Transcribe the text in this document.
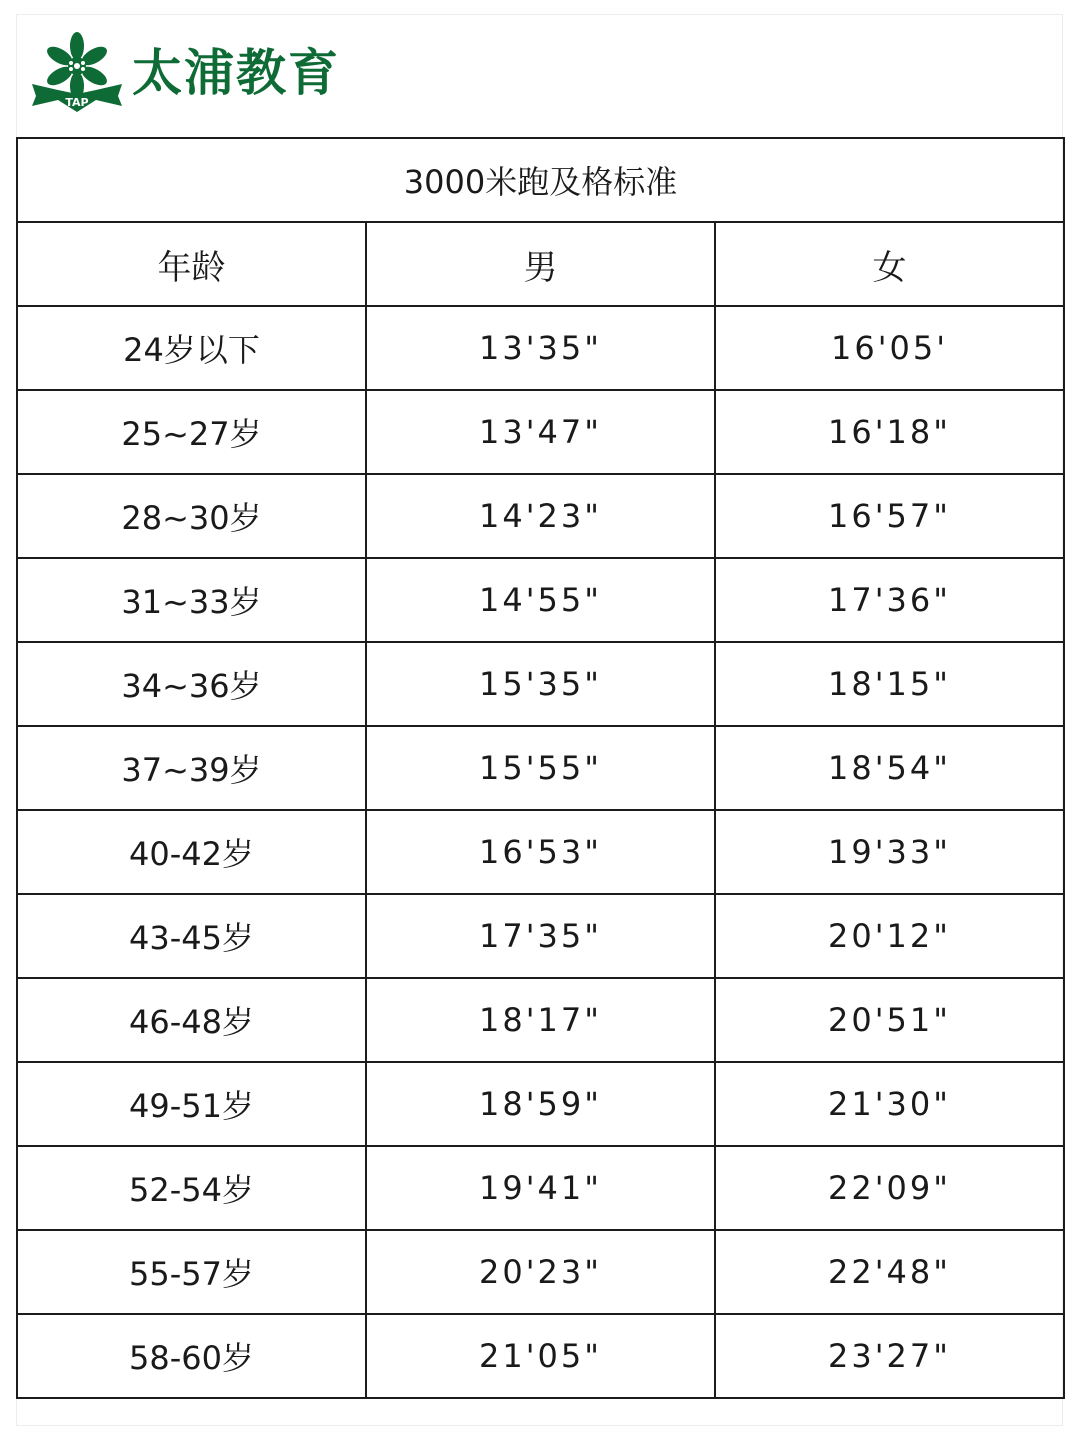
TAP
太浦教育
3000米跑及格标准		
年龄	男	女
24岁以下	13'35"	16'05'
25~27岁	13'47"	16'18"
28~30岁	14'23"	16'57"
31~33岁	14'55"	17'36"
34~36岁	15'35"	18'15"
37~39岁	15'55"	18'54"
40-42岁	16'53"	19'33"
43-45岁	17'35"	20'12"
46-48岁	18'17"	20'51"
49-51岁	18'59"	21'30"
52-54岁	19'41"	22'09"
55-57岁	20'23"	22'48"
58-60岁	21'05"	23'27"
